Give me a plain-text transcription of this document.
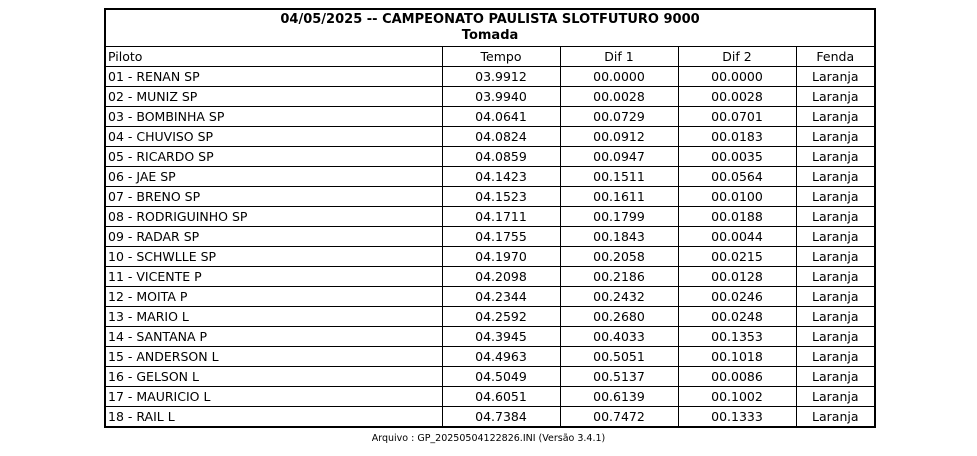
04/05/2025 -- CAMPEONATO PAULISTA SLOTFUTURO 9000
Tomada				

Piloto	Tempo	Dif 1	Dif 2	Fenda
01 - RENAN SP	03.9912	00.0000	00.0000	Laranja
02 - MUNIZ SP	03.9940	00.0028	00.0028	Laranja
03 - BOMBINHA SP	04.0641	00.0729	00.0701	Laranja
04 - CHUVISO SP	04.0824	00.0912	00.0183	Laranja
05 - RICARDO SP	04.0859	00.0947	00.0035	Laranja
06 - JAE SP	04.1423	00.1511	00.0564	Laranja
07 - BRENO SP	04.1523	00.1611	00.0100	Laranja
08 - RODRIGUINHO SP	04.1711	00.1799	00.0188	Laranja
09 - RADAR SP	04.1755	00.1843	00.0044	Laranja
10 - SCHWLLE SP	04.1970	00.2058	00.0215	Laranja
11 - VICENTE P	04.2098	00.2186	00.0128	Laranja
12 - MOITA P	04.2344	00.2432	00.0246	Laranja
13 - MARIO L	04.2592	00.2680	00.0248	Laranja
14 - SANTANA P	04.3945	00.4033	00.1353	Laranja
15 - ANDERSON L	04.4963	00.5051	00.1018	Laranja
16 - GELSON L	04.5049	00.5137	00.0086	Laranja
17 - MAURICIO L	04.6051	00.6139	00.1002	Laranja
18 - RAIL L	04.7384	00.7472	00.1333	Laranja
Arquivo : GP_20250504122826.INI (Versão 3.4.1)
